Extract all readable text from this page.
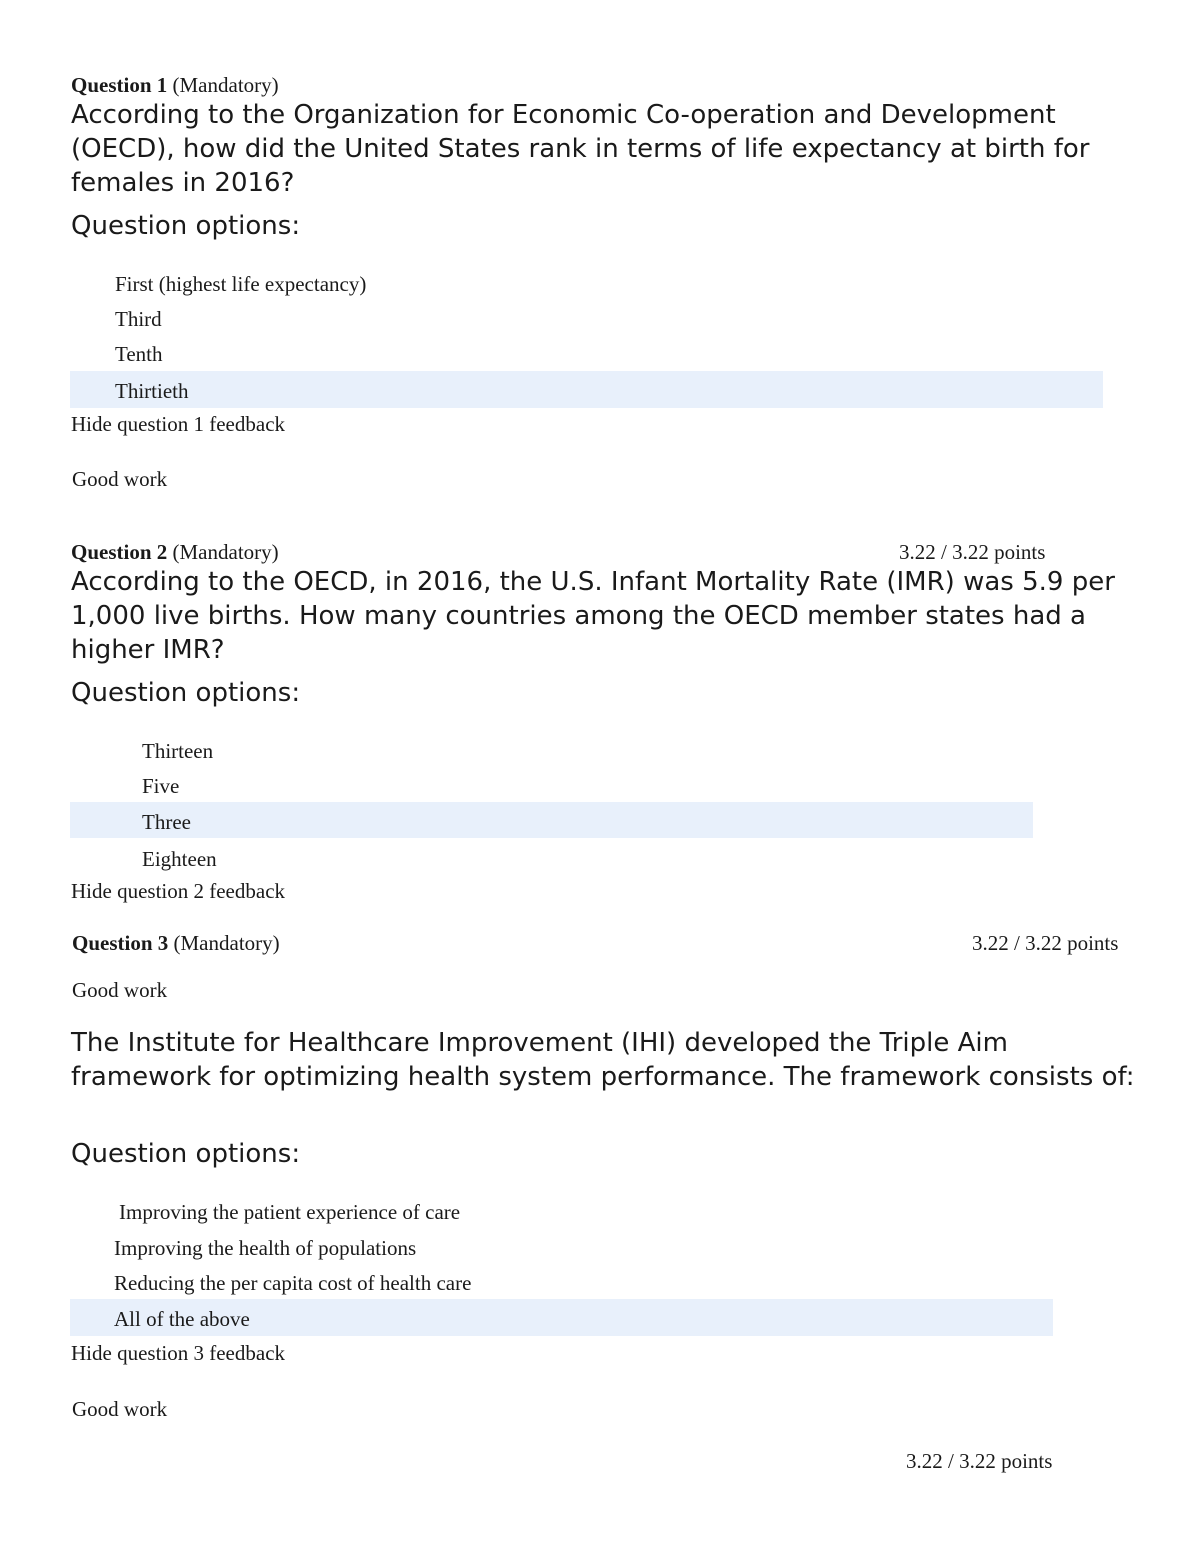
Question 1 (Mandatory)
According to the Organization for Economic Co-operation and Development (OECD), how did the United States rank in terms of life expectancy at birth for females in 2016?
Question options:
First (highest life expectancy)
Third
Tenth
Thirtieth
Hide question 1 feedback
Good work
Question 2 (Mandatory)	3.22 / 3.22 points
According to the OECD, in 2016, the U.S. Infant Mortality Rate (IMR) was 5.9 per 1,000 live births. How many countries among the OECD member states had a higher IMR?
Question options:
Thirteen
Five
Three
Eighteen
Hide question 2 feedback
Question 3 (Mandatory)	3.22 / 3.22 points
Good work
The Institute for Healthcare Improvement (IHI) developed the Triple Aim framework for optimizing health system performance. The framework consists of:
Question options:
Improving the patient experience of care
Improving the health of populations
Reducing the per capita cost of health care
All of the above
Hide question 3 feedback
Good work
3.22 / 3.22 points
